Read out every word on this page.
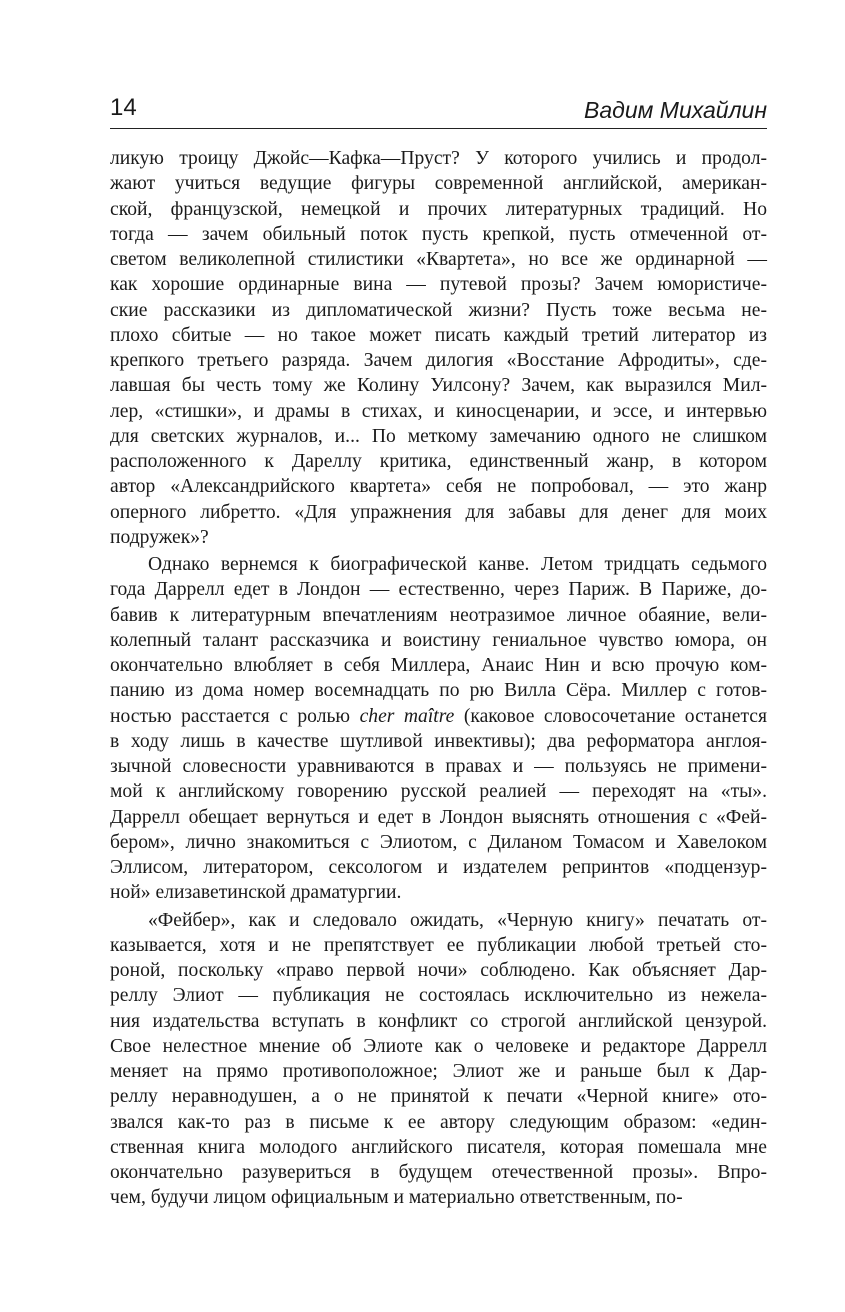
14	Вадим Михайлин
ликую троицу Джойс—Кафка—Пруст? У которого учились и продол-
жают учиться ведущие фигуры современной английской, американ-
ской, французской, немецкой и прочих литературных традиций. Но
тогда — зачем обильный поток пусть крепкой, пусть отмеченной от-
светом великолепной стилистики «Квартета», но все же ординарной —
как хорошие ординарные вина — путевой прозы? Зачем юмористиче-
ские рассказики из дипломатической жизни? Пусть тоже весьма не-
плохо сбитые — но такое может писать каждый третий литератор из
крепкого третьего разряда. Зачем дилогия «Восстание Афродиты», сде-
лавшая бы честь тому же Колину Уилсону? Зачем, как выразился Мил-
лер, «стишки», и драмы в стихах, и киносценарии, и эссе, и интервью
для светских журналов, и... По меткому замечанию одного не слишком
расположенного к Дареллу критика, единственный жанр, в котором
автор «Александрийского квартета» себя не попробовал, — это жанр
оперного либретто. «Для упражнения для забавы для денег для моих
подружек»?
Однако вернемся к биографической канве. Летом тридцать седьмого
года Даррелл едет в Лондон — естественно, через Париж. В Париже, до-
бавив к литературным впечатлениям неотразимое личное обаяние, вели-
колепный талант рассказчика и воистину гениальное чувство юмора, он
окончательно влюбляет в себя Миллера, Анаис Нин и всю прочую ком-
панию из дома номер восемнадцать по рю Вилла Сёра. Миллер с готов-
ностью расстается с ролью cher maître (каковое словосочетание останется
в ходу лишь в качестве шутливой инвективы); два реформатора англоя-
зычной словесности уравниваются в правах и — пользуясь не примени-
мой к английскому говорению русской реалией — переходят на «ты».
Даррелл обещает вернуться и едет в Лондон выяснять отношения с «Фей-
бером», лично знакомиться с Элиотом, с Диланом Томасом и Хавелоком
Эллисом, литератором, сексологом и издателем репринтов «подцензур-
ной» елизаветинской драматургии.
«Фейбер», как и следовало ожидать, «Черную книгу» печатать от-
казывается, хотя и не препятствует ее публикации любой третьей сто-
роной, поскольку «право первой ночи» соблюдено. Как объясняет Дар-
реллу Элиот — публикация не состоялась исключительно из нежела-
ния издательства вступать в конфликт со строгой английской цензурой.
Свое нелестное мнение об Элиоте как о человеке и редакторе Даррелл
меняет на прямо противоположное; Элиот же и раньше был к Дар-
реллу неравнодушен, а о не принятой к печати «Черной книге» ото-
звался как-то раз в письме к ее автору следующим образом: «един-
ственная книга молодого английского писателя, которая помешала мне
окончательно разувериться в будущем отечественной прозы». Впро-
чем, будучи лицом официальным и материально ответственным, по-
